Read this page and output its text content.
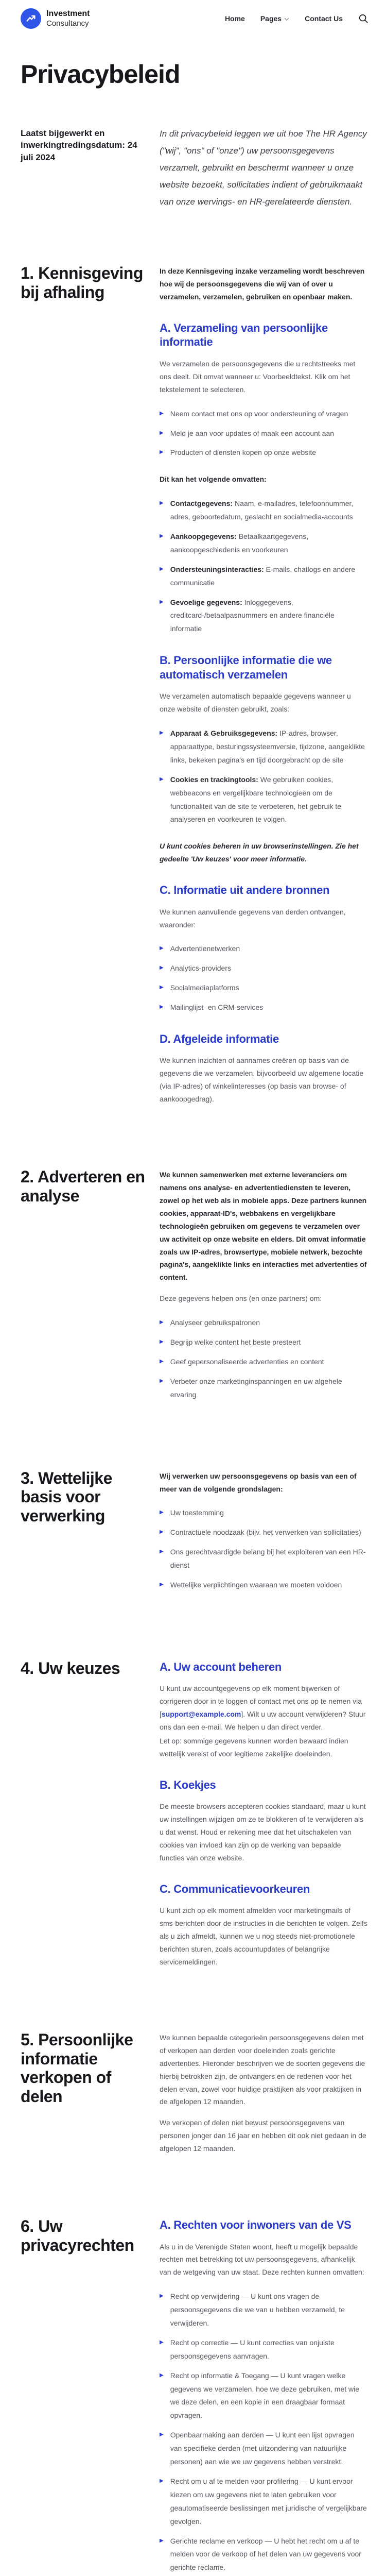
Investment
Consultancy
Home Pages	Contact Us
Privacybeleid

Laatst bijgewerkt en inwerkingtredingsdatum: 24 juli 2024

In dit privacybeleid leggen we uit hoe The HR Agency ("wij", "ons" of "onze") uw persoonsgegevens verzamelt, gebruikt en beschermt wanneer u onze website bezoekt, sollicitaties indient of gebruikmaakt van onze wervings- en HR-gerelateerde diensten.

1. Kennisgeving bij afhaling

In deze Kennisgeving inzake verzameling wordt beschreven hoe wij de persoonsgegevens die wij van of over u verzamelen, verzamelen, gebruiken en openbaar maken.

A. Verzameling van persoonlijke informatie

We verzamelen de persoonsgegevens die u rechtstreeks met ons deelt. Dit omvat wanneer u: Voorbeeldtekst. Klik om het tekstelement te selecteren.

▶ Neem contact met ons op voor ondersteuning of vragen
▶ Meld je aan voor updates of maak een account aan
▶ Producten of diensten kopen op onze website

Dit kan het volgende omvatten:

▶ Contactgegevens: Naam, e-mailadres, telefoonnummer, adres, geboortedatum, geslacht en socialmedia-accounts
▶ Aankoopgegevens: Betaalkaartgegevens, aankoopgeschiedenis en voorkeuren
▶ Ondersteuningsinteracties: E-mails, chatlogs en andere communicatie
▶ Gevoelige gegevens: Inloggegevens, creditcard-/betaalpasnummers en andere financiële informatie
B. Persoonlijke informatie die we automatisch verzamelen

We verzamelen automatisch bepaalde gegevens wanneer u onze website of diensten gebruikt, zoals:

▶ Apparaat & Gebruiksgegevens: IP-adres, browser, apparaattype, besturingssysteemversie, tijdzone, aangeklikte links, bekeken pagina's en tijd doorgebracht op de site
▶ Cookies en trackingtools: We gebruiken cookies, webbeacons en vergelijkbare technologieën om de functionaliteit van de site te verbeteren, het gebruik te analyseren en voorkeuren te volgen.

U kunt cookies beheren in uw browserinstellingen. Zie het gedeelte 'Uw keuzes' voor meer informatie.

C. Informatie uit andere bronnen

We kunnen aanvullende gegevens van derden ontvangen, waaronder:

▶ Advertentienetwerken
▶ Analytics-providers
▶ Socialmediaplatforms
▶ Mailinglijst- en CRM-services
D. Afgeleide informatie

We kunnen inzichten of aannames creëren op basis van de gegevens die we verzamelen, bijvoorbeeld uw algemene locatie (via IP-adres) of winkelinteresses (op basis van browse- of aankoopgedrag).

2. Adverteren en analyse

We kunnen samenwerken met externe leveranciers om namens ons analyse- en advertentiediensten te leveren, zowel op het web als in mobiele apps. Deze partners kunnen cookies, apparaat-ID's, webbakens en vergelijkbare technologieën gebruiken om gegevens te verzamelen over uw activiteit op onze website en elders. Dit omvat informatie zoals uw IP-adres, browsertype, mobiele netwerk, bezochte pagina's, aangeklikte links en interacties met advertenties of content.

Deze gegevens helpen ons (en onze partners) om:

▶ Analyseer gebruikspatronen
▶ Begrijp welke content het beste presteert
▶ Geef gepersonaliseerde advertenties en content
▶ Verbeter onze marketinginspanningen en uw algehele ervaring
3. Wettelijke basis voor verwerking

Wij verwerken uw persoonsgegevens op basis van een of meer van de volgende grondslagen:

▶ Uw toestemming
▶ Contractuele noodzaak (bijv. het verwerken van sollicitaties)
▶ Ons gerechtvaardigde belang bij het exploiteren van een HR-dienst
▶ Wettelijke verplichtingen waaraan we moeten voldoen
4. Uw keuzes	A. Uw account beheren

U kunt uw accountgegevens op elk moment bijwerken of corrigeren door in te loggen of contact met ons op te nemen via [support@example.com]. Wilt u uw account verwijderen? Stuur ons dan een e-mail. We helpen u dan direct verder.

Let op: sommige gegevens kunnen worden bewaard indien wettelijk vereist of voor legitieme zakelijke doeleinden.

B. Koekjes

De meeste browsers accepteren cookies standaard, maar u kunt uw instellingen wijzigen om ze te blokkeren of te verwijderen als u dat wenst. Houd er rekening mee dat het uitschakelen van cookies van invloed kan zijn op de werking van bepaalde functies van onze website.

C. Communicatievoorkeuren

U kunt zich op elk moment afmelden voor marketingmails of sms-berichten door de instructies in die berichten te volgen. Zelfs als u zich afmeldt, kunnen we u nog steeds niet-promotionele berichten sturen, zoals accountupdates of belangrijke servicemeldingen.

5. Persoonlijke informatie verkopen of delen

We kunnen bepaalde categorieën persoonsgegevens delen met of verkopen aan derden voor doeleinden zoals gerichte advertenties. Hieronder beschrijven we de soorten gegevens die hierbij betrokken zijn, de ontvangers en de redenen voor het delen ervan, zowel voor huidige praktijken als voor praktijken in de afgelopen 12 maanden.

We verkopen of delen niet bewust persoonsgegevens van personen jonger dan 16 jaar en hebben dit ook niet gedaan in de afgelopen 12 maanden.

6. Uw privacyrechten
A. Rechten voor inwoners van de VS

Als u in de Verenigde Staten woont, heeft u mogelijk bepaalde rechten met betrekking tot uw persoonsgegevens, afhankelijk van de wetgeving van uw staat. Deze rechten kunnen omvatten:

▶ Recht op verwijdering — U kunt ons vragen de persoonsgegevens die we van u hebben verzameld, te verwijderen.
▶ Recht op correctie — U kunt correcties van onjuiste persoonsgegevens aanvragen.
▶ Recht op informatie & Toegang — U kunt vragen welke gegevens we verzamelen, hoe we deze gebruiken, met wie we deze delen, en een kopie in een draagbaar formaat opvragen.
▶ Openbaarmaking aan derden — U kunt een lijst opvragen van specifieke derden (met uitzondering van natuurlijke personen) aan wie we uw gegevens hebben verstrekt.
▶ Recht om u af te melden voor profilering — U kunt ervoor kiezen om uw gegevens niet te laten gebruiken voor geautomatiseerde beslissingen met juridische of vergelijkbare gevolgen.
▶ Gerichte reclame en verkoop — U hebt het recht om u af te melden voor de verkoop of het delen van uw gegevens voor gerichte reclame.
